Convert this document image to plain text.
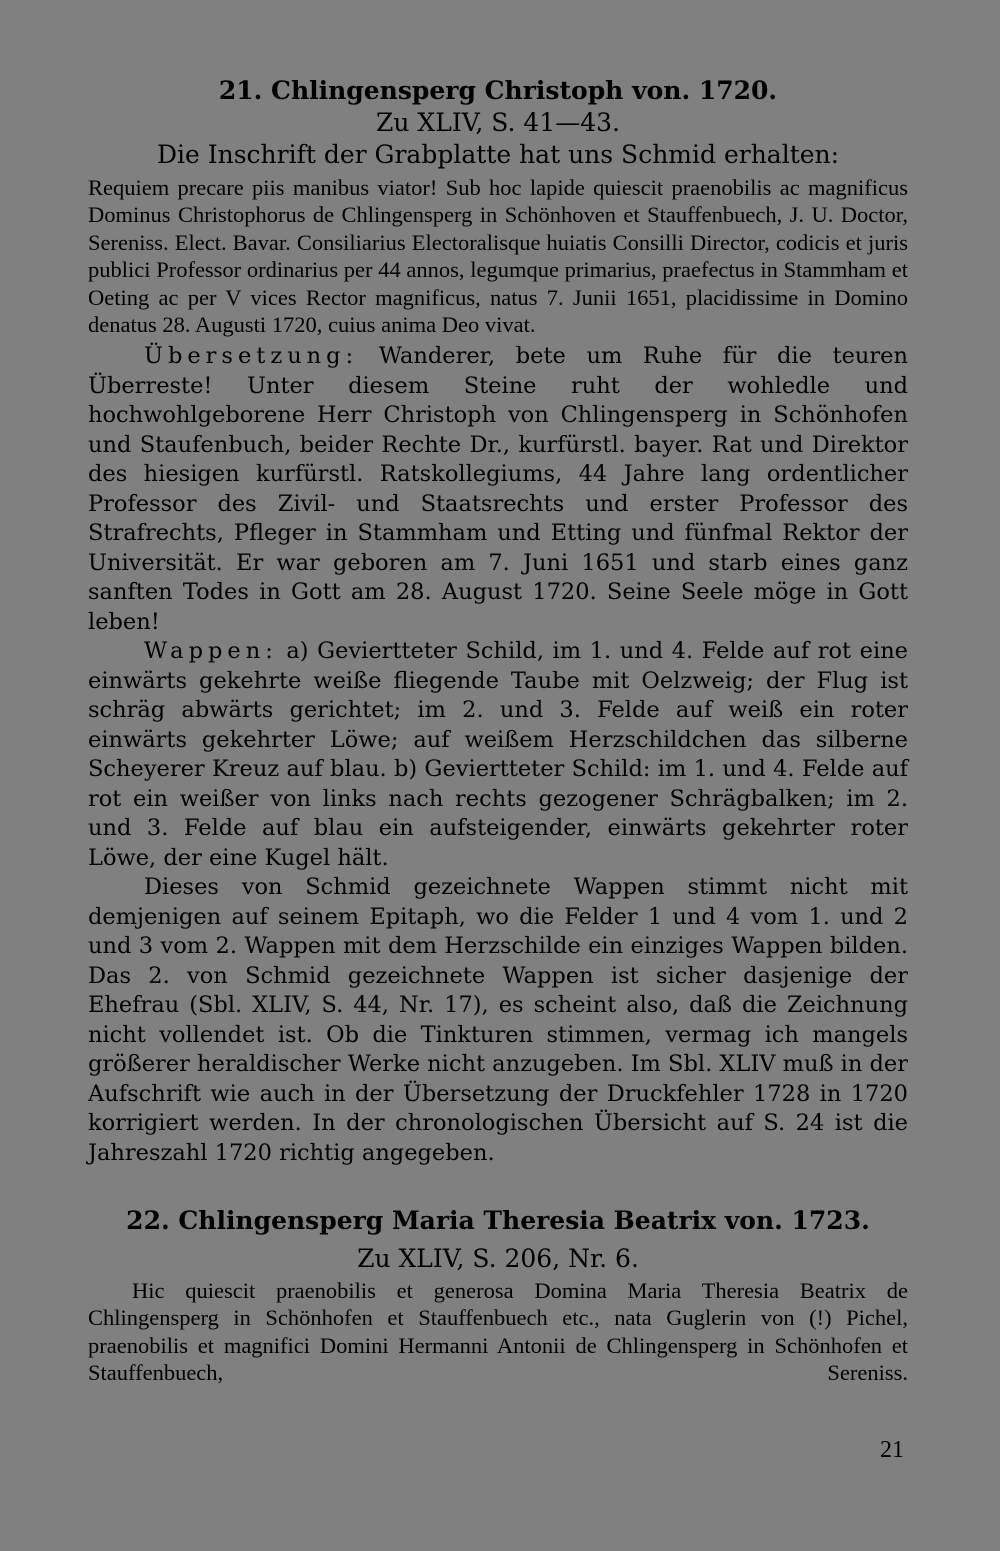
21. Chlingensperg Christoph von. 1720.
Zu XLIV, S. 41—43.
Die Inschrift der Grabplatte hat uns Schmid erhalten:
Requiem precare piis manibus viator! Sub hoc lapide quiescit praenobilis ac magnificus Dominus Christophorus de Chlingensperg in Schönhoven et Stauffenbuech, J. U. Doctor, Sereniss. Elect. Bavar. Consiliarius Electoralisque huiatis Consilli Director, codicis et juris publici Professor ordinarius per 44 annos, legumque primarius, praefectus in Stammham et Oeting ac per V vices Rector magnificus, natus 7. Junii 1651, placidissime in Domino denatus 28. Augusti 1720, cuius anima Deo vivat.

Übersetzung: Wanderer, bete um Ruhe für die teuren Überreste! Unter diesem Steine ruht der wohledle und hochwohlgeborene Herr Christoph von Chlingensperg in Schönhofen und Staufenbuch, beider Rechte Dr., kurfürstl. bayer. Rat und Direktor des hiesigen kurfürstl. Ratskollegiums, 44 Jahre lang ordentlicher Professor des Zivil- und Staatsrechts und erster Professor des Strafrechts, Pfleger in Stammham und Etting und fünfmal Rektor der Universität. Er war geboren am 7. Juni 1651 und starb eines ganz sanften Todes in Gott am 28. August 1720. Seine Seele möge in Gott leben!

Wappen: a) Geviertteter Schild, im 1. und 4. Felde auf rot eine einwärts gekehrte weiße fliegende Taube mit Oelzweig; der Flug ist schräg abwärts gerichtet; im 2. und 3. Felde auf weiß ein roter einwärts gekehrter Löwe; auf weißem Herzschildchen das silberne Scheyerer Kreuz auf blau. b) Geviertteter Schild: im 1. und 4. Felde auf rot ein weißer von links nach rechts gezogener Schrägbalken; im 2. und 3. Felde auf blau ein aufsteigender, einwärts gekehrter roter Löwe, der eine Kugel hält.

Dieses von Schmid gezeichnete Wappen stimmt nicht mit demjenigen auf seinem Epitaph, wo die Felder 1 und 4 vom 1. und 2 und 3 vom 2. Wappen mit dem Herzschilde ein einziges Wappen bilden. Das 2. von Schmid gezeichnete Wappen ist sicher dasjenige der Ehefrau (Sbl. XLIV, S. 44, Nr. 17), es scheint also, daß die Zeichnung nicht vollendet ist. Ob die Tinkturen stimmen, vermag ich mangels größerer heraldischer Werke nicht anzugeben. Im Sbl. XLIV muß in der Aufschrift wie auch in der Übersetzung der Druckfehler 1728 in 1720 korrigiert werden. In der chronologischen Übersicht auf S. 24 ist die Jahreszahl 1720 richtig angegeben.

22. Chlingensperg Maria Theresia Beatrix von. 1723.
Zu XLIV, S. 206, Nr. 6.
Hic quiescit praenobilis et generosa Domina Maria Theresia Beatrix de Chlingensperg in Schönhofen et Stauffenbuech etc., nata Guglerin von (!) Pichel, praenobilis et magnifici Domini Hermanni Antonii de Chlingensperg in Schönhofen et Stauffenbuech, Sereniss.
21
